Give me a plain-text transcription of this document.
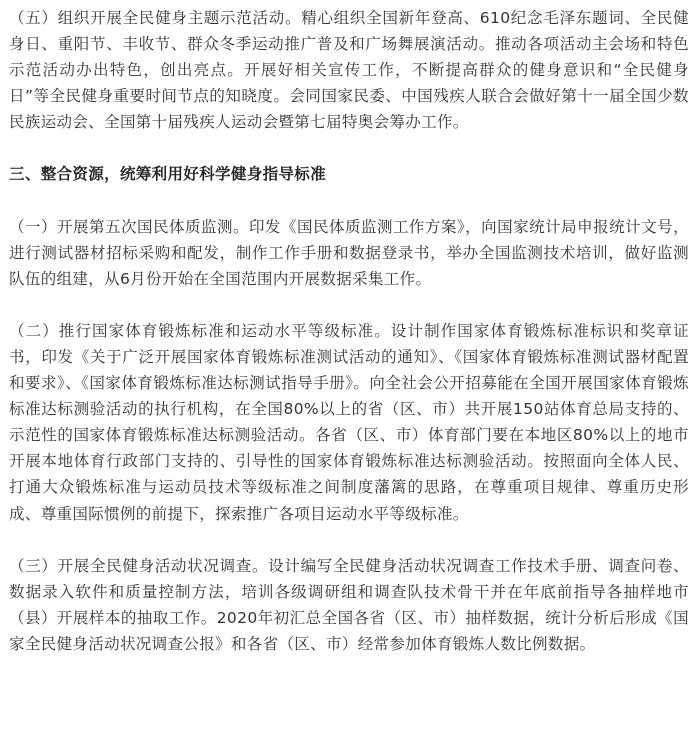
（五）组织开展全民健身主题示范活动。精心组织全国新年登高、610纪念毛泽东题词、全民健身日、重阳节、丰收节、群众冬季运动推广普及和广场舞展演活动。推动各项活动主会场和特色示范活动办出特色，创出亮点。开展好相关宣传工作，不断提高群众的健身意识和“全民健身日”等全民健身重要时间节点的知晓度。会同国家民委、中国残疾人联合会做好第十一届全国少数民族运动会、全国第十届残疾人运动会暨第七届特奥会筹办工作。

三、整合资源，统筹利用好科学健身指导标准

（一）开展第五次国民体质监测。印发《国民体质监测工作方案》，向国家统计局申报统计文号，进行测试器材招标采购和配发，制作工作手册和数据登录书，举办全国监测技术培训，做好监测队伍的组建，从6月份开始在全国范围内开展数据采集工作。

（二）推行国家体育锻炼标准和运动水平等级标准。设计制作国家体育锻炼标准标识和奖章证书，印发《关于广泛开展国家体育锻炼标准测试活动的通知》、《国家体育锻炼标准测试器材配置和要求》、《国家体育锻炼标准达标测试指导手册》。向全社会公开招募能在全国开展国家体育锻炼标准达标测验活动的执行机构，在全国80%以上的省（区、市）共开展150站体育总局支持的、示范性的国家体育锻炼标准达标测验活动。各省（区、市）体育部门要在本地区80%以上的地市开展本地体育行政部门支持的、引导性的国家体育锻炼标准达标测验活动。按照面向全体人民、打通大众锻炼标准与运动员技术等级标准之间制度藩篱的思路，在尊重项目规律、尊重历史形成、尊重国际惯例的前提下，探索推广各项目运动水平等级标准。

（三）开展全民健身活动状况调查。设计编写全民健身活动状况调查工作技术手册、调查问卷、数据录入软件和质量控制方法，培训各级调研组和调查队技术骨干并在年底前指导各抽样地市（县）开展样本的抽取工作。2020年初汇总全国各省（区、市）抽样数据，统计分析后形成《国家全民健身活动状况调查公报》和各省（区、市）经常参加体育锻炼人数比例数据。
